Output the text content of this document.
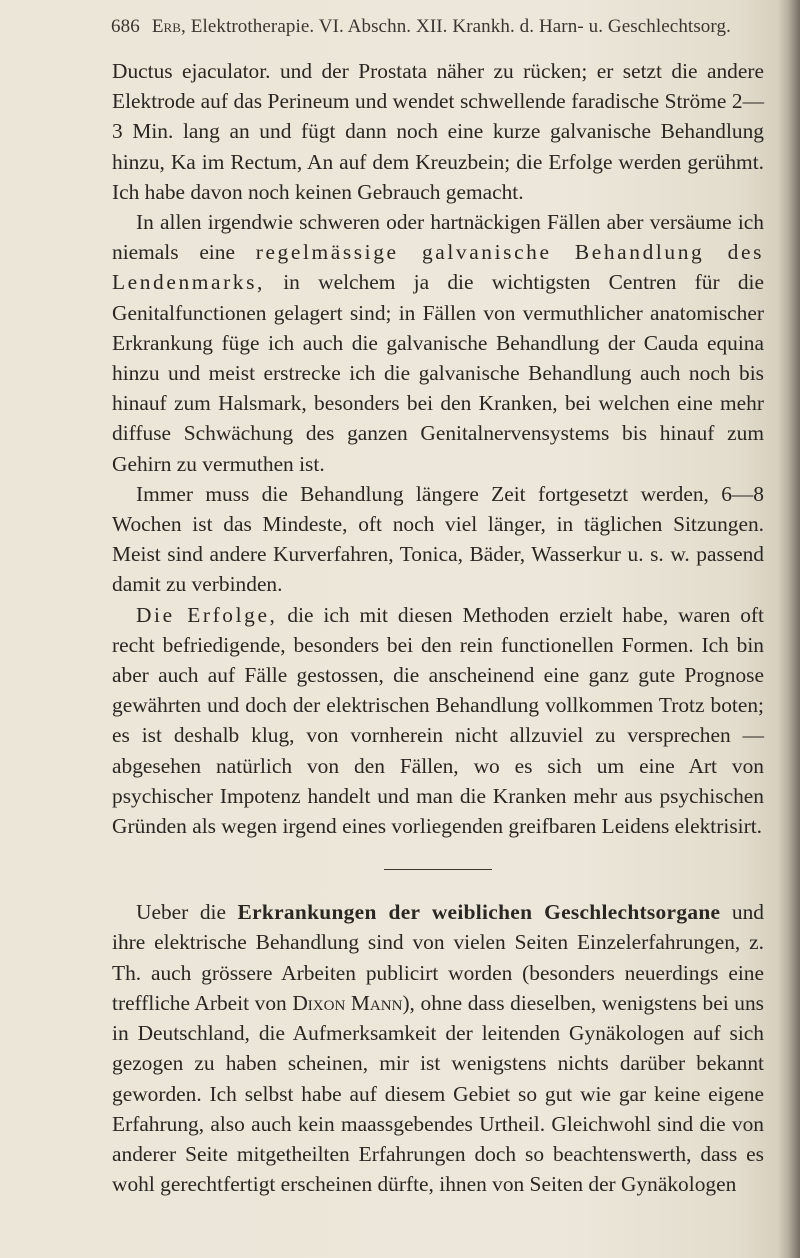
686 Erb, Elektrotherapie. VI. Abschn. XII. Krankh. d. Harn- u. Geschlechtsorg.

Ductus ejaculator. und der Prostata näher zu rücken; er setzt die andere Elektrode auf das Perineum und wendet schwellende faradische Ströme 2—3 Min. lang an und fügt dann noch eine kurze galvanische Behandlung hinzu, Ka im Rectum, An auf dem Kreuzbein; die Erfolge werden gerühmt. Ich habe davon noch keinen Gebrauch gemacht.

In allen irgendwie schweren oder hartnäckigen Fällen aber versäume ich niemals eine regelmässige galvanische Behandlung des Lendenmarks, in welchem ja die wichtigsten Centren für die Genitalfunctionen gelagert sind; in Fällen von vermuthlicher anatomischer Erkrankung füge ich auch die galvanische Behandlung der Cauda equina hinzu und meist erstrecke ich die galvanische Behandlung auch noch bis hinauf zum Halsmark, besonders bei den Kranken, bei welchen eine mehr diffuse Schwächung des ganzen Genitalnervensystems bis hinauf zum Gehirn zu vermuthen ist.

Immer muss die Behandlung längere Zeit fortgesetzt werden, 6—8 Wochen ist das Mindeste, oft noch viel länger, in täglichen Sitzungen. Meist sind andere Kurverfahren, Tonica, Bäder, Wasserkur u. s. w. passend damit zu verbinden.

Die Erfolge, die ich mit diesen Methoden erzielt habe, waren oft recht befriedigende, besonders bei den rein functionellen Formen. Ich bin aber auch auf Fälle gestossen, die anscheinend eine ganz gute Prognose gewährten und doch der elektrischen Behandlung vollkommen Trotz boten; es ist deshalb klug, von vornherein nicht allzuviel zu versprechen — abgesehen natürlich von den Fällen, wo es sich um eine Art von psychischer Impotenz handelt und man die Kranken mehr aus psychischen Gründen als wegen irgend eines vorliegenden greifbaren Leidens elektrisirt.

Ueber die Erkrankungen der weiblichen Geschlechtsorgane und ihre elektrische Behandlung sind von vielen Seiten Einzelerfahrungen, z. Th. auch grössere Arbeiten publicirt worden (besonders neuerdings eine treffliche Arbeit von Dixon Mann), ohne dass dieselben, wenigstens bei uns in Deutschland, die Aufmerksamkeit der leitenden Gynäkologen auf sich gezogen zu haben scheinen, mir ist wenigstens nichts darüber bekannt geworden. Ich selbst habe auf diesem Gebiet so gut wie gar keine eigene Erfahrung, also auch kein maassgebendes Urtheil. Gleichwohl sind die von anderer Seite mitgetheilten Erfahrungen doch so beachtenswerth, dass es wohl gerechtfertigt erscheinen dürfte, ihnen von Seiten der Gynäkologen
